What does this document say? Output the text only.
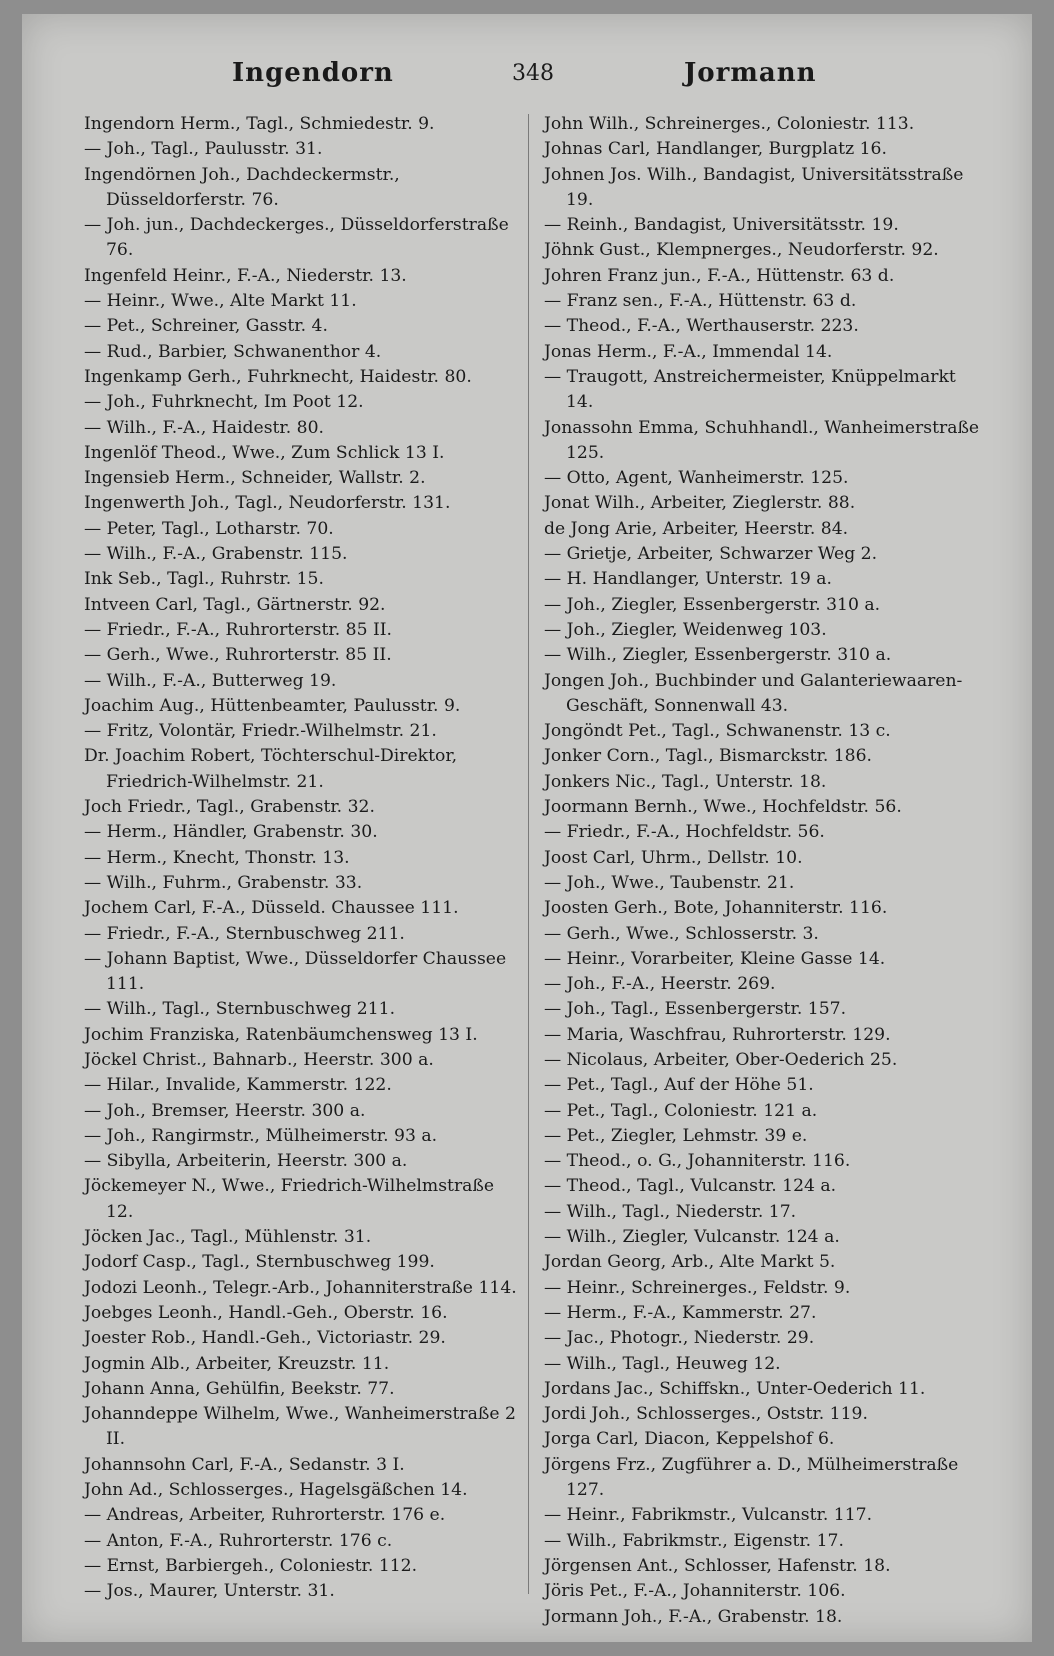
Ingendorn	348	Jormann
Ingendorn Herm., Tagl., Schmiedestr. 9.
— Joh., Tagl., Paulusstr. 31.
Ingendörnen Joh., Dachdeckermstr., Düsseldorferstr. 76.
— Joh. jun., Dachdeckerges., Düsseldorferstraße 76.
Ingenfeld Heinr., F.-A., Niederstr. 13.
— Heinr., Wwe., Alte Markt 11.
— Pet., Schreiner, Gasstr. 4.
— Rud., Barbier, Schwanenthor 4.
Ingenkamp Gerh., Fuhrknecht, Haidestr. 80.
— Joh., Fuhrknecht, Im Poot 12.
— Wilh., F.-A., Haidestr. 80.
Ingenlöf Theod., Wwe., Zum Schlick 13 I.
Ingensieb Herm., Schneider, Wallstr. 2.
Ingenwerth Joh., Tagl., Neudorferstr. 131.
— Peter, Tagl., Lotharstr. 70.
— Wilh., F.-A., Grabenstr. 115.
Ink Seb., Tagl., Ruhrstr. 15.
Intveen Carl, Tagl., Gärtnerstr. 92.
— Friedr., F.-A., Ruhrorterstr. 85 II.
— Gerh., Wwe., Ruhrorterstr. 85 II.
— Wilh., F.-A., Butterweg 19.
Joachim Aug., Hüttenbeamter, Paulusstr. 9.
— Fritz, Volontär, Friedr.-Wilhelmstr. 21.
Dr. Joachim Robert, Töchterschul-Direktor, Friedrich-Wilhelmstr. 21.
Joch Friedr., Tagl., Grabenstr. 32.
— Herm., Händler, Grabenstr. 30.
— Herm., Knecht, Thonstr. 13.
— Wilh., Fuhrm., Grabenstr. 33.
Jochem Carl, F.-A., Düsseld. Chaussee 111.
— Friedr., F.-A., Sternbuschweg 211.
— Johann Baptist, Wwe., Düsseldorfer Chaussee 111.
— Wilh., Tagl., Sternbuschweg 211.
Jochim Franziska, Ratenbäumchensweg 13 I.
Jöckel Christ., Bahnarb., Heerstr. 300 a.
— Hilar., Invalide, Kammerstr. 122.
— Joh., Bremser, Heerstr. 300 a.
— Joh., Rangirmstr., Mülheimerstr. 93 a.
— Sibylla, Arbeiterin, Heerstr. 300 a.
Jöckemeyer N., Wwe., Friedrich-Wilhelmstraße 12.
Jöcken Jac., Tagl., Mühlenstr. 31.
Jodorf Casp., Tagl., Sternbuschweg 199.
Jodozi Leonh., Telegr.-Arb., Johanniterstraße 114.
Joebges Leonh., Handl.-Geh., Oberstr. 16.
Joester Rob., Handl.-Geh., Victoriastr. 29.
Jogmin Alb., Arbeiter, Kreuzstr. 11.
Johann Anna, Gehülfin, Beekstr. 77.
Johanndeppe Wilhelm, Wwe., Wanheimerstraße 2 II.
Johannsohn Carl, F.-A., Sedanstr. 3 I.
John Ad., Schlosserges., Hagelsgäßchen 14.
— Andreas, Arbeiter, Ruhrorterstr. 176 e.
— Anton, F.-A., Ruhrorterstr. 176 c.
— Ernst, Barbiergeh., Coloniestr. 112.
— Jos., Maurer, Unterstr. 31.
John Wilh., Schreinerges., Coloniestr. 113.
Johnas Carl, Handlanger, Burgplatz 16.
Johnen Jos. Wilh., Bandagist, Universitätsstraße 19.
— Reinh., Bandagist, Universitätsstr. 19.
Jöhnk Gust., Klempnerges., Neudorferstr. 92.
Johren Franz jun., F.-A., Hüttenstr. 63 d.
— Franz sen., F.-A., Hüttenstr. 63 d.
— Theod., F.-A., Werthauserstr. 223.
Jonas Herm., F.-A., Immendal 14.
— Traugott, Anstreichermeister, Knüppelmarkt 14.
Jonassohn Emma, Schuhhandl., Wanheimerstraße 125.
— Otto, Agent, Wanheimerstr. 125.
Jonat Wilh., Arbeiter, Zieglerstr. 88.
de Jong Arie, Arbeiter, Heerstr. 84.
— Grietje, Arbeiter, Schwarzer Weg 2.
— H. Handlanger, Unterstr. 19 a.
— Joh., Ziegler, Essenbergerstr. 310 a.
— Joh., Ziegler, Weidenweg 103.
— Wilh., Ziegler, Essenbergerstr. 310 a.
Jongen Joh., Buchbinder und Galanteriewaaren-Geschäft, Sonnenwall 43.
Jongöndt Pet., Tagl., Schwanenstr. 13 c.
Jonker Corn., Tagl., Bismarckstr. 186.
Jonkers Nic., Tagl., Unterstr. 18.
Joormann Bernh., Wwe., Hochfeldstr. 56.
— Friedr., F.-A., Hochfeldstr. 56.
Joost Carl, Uhrm., Dellstr. 10.
— Joh., Wwe., Taubenstr. 21.
Joosten Gerh., Bote, Johanniterstr. 116.
— Gerh., Wwe., Schlosserstr. 3.
— Heinr., Vorarbeiter, Kleine Gasse 14.
— Joh., F.-A., Heerstr. 269.
— Joh., Tagl., Essenbergerstr. 157.
— Maria, Waschfrau, Ruhrorterstr. 129.
— Nicolaus, Arbeiter, Ober-Oederich 25.
— Pet., Tagl., Auf der Höhe 51.
— Pet., Tagl., Coloniestr. 121 a.
— Pet., Ziegler, Lehmstr. 39 e.
— Theod., o. G., Johanniterstr. 116.
— Theod., Tagl., Vulcanstr. 124 a.
— Wilh., Tagl., Niederstr. 17.
— Wilh., Ziegler, Vulcanstr. 124 a.
Jordan Georg, Arb., Alte Markt 5.
— Heinr., Schreinerges., Feldstr. 9.
— Herm., F.-A., Kammerstr. 27.
— Jac., Photogr., Niederstr. 29.
— Wilh., Tagl., Heuweg 12.
Jordans Jac., Schiffskn., Unter-Oederich 11.
Jordi Joh., Schlosserges., Oststr. 119.
Jorga Carl, Diacon, Keppelshof 6.
Jörgens Frz., Zugführer a. D., Mülheimerstraße 127.
— Heinr., Fabrikmstr., Vulcanstr. 117.
— Wilh., Fabrikmstr., Eigenstr. 17.
Jörgensen Ant., Schlosser, Hafenstr. 18.
Jöris Pet., F.-A., Johanniterstr. 106.
Jormann Joh., F.-A., Grabenstr. 18.
